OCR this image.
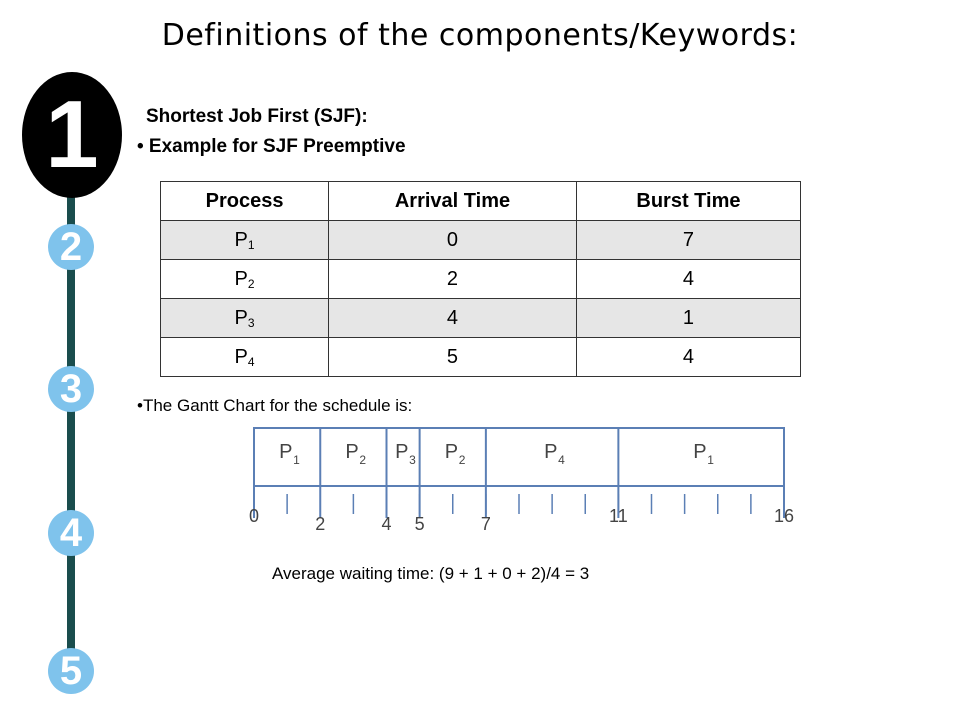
Definitions of the components/Keywords:
1
2
3
4
5
Shortest Job First (SJF):
• Example for SJF Preemptive
Process	Arrival Time	Burst Time
$P_1$	0	7
$P_2$	2	4
$P_3$	4	1
$P_4$	5	4
•The Gantt Chart for the schedule is:
P 1 P 2 P 3 P 2	P 4	P 1
0	2	4 5	7	11	16
Average waiting time: (9 + 1 + 0 + 2)/4 = 3
